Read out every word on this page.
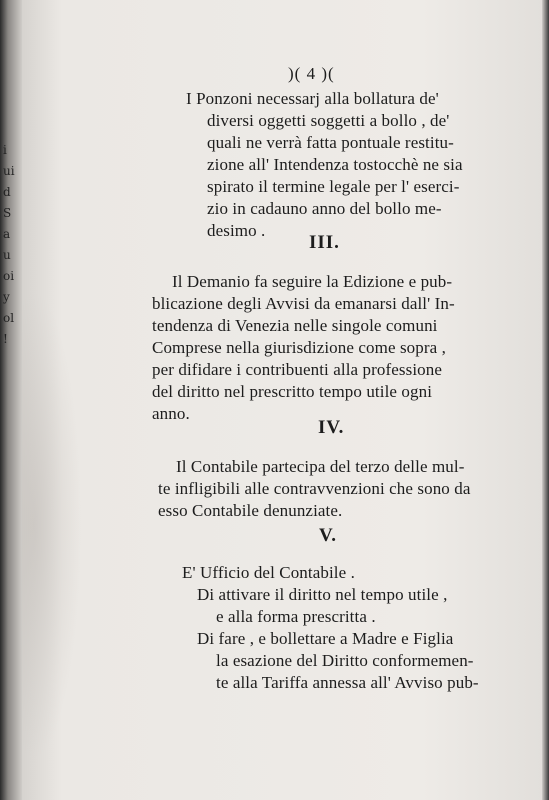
i
ui
d
S
a
u
oi
y
ol
!
)( 4 )(
I Ponzoni necessarj alla bollatura de'
diversi oggetti soggetti a bollo , de'
quali ne verrà fatta pontuale restitu-
zione all' Intendenza tostocchè ne sia
spirato il termine legale per l' eserci-
zio in cadauno anno del bollo me-
desimo .
III.
Il Demanio fa seguire la Edizione e pub-
blicazione degli Avvisi da emanarsi dall' In-
tendenza di Venezia nelle singole comuni
Comprese nella giurisdizione come sopra ,
per difidare i contribuenti alla professione
del diritto nel prescritto tempo utile ogni
anno.
IV.
Il Contabile partecipa del terzo delle mul-
te infligibili alle contravvenzioni che sono da
esso Contabile denunziate.
V.
E' Ufficio del Contabile .
Di attivare il diritto nel tempo utile ,
e alla forma prescritta .
Di fare , e bollettare a Madre e Figlia
la esazione del Diritto conformemen-
te alla Tariffa annessa all' Avviso pub-
